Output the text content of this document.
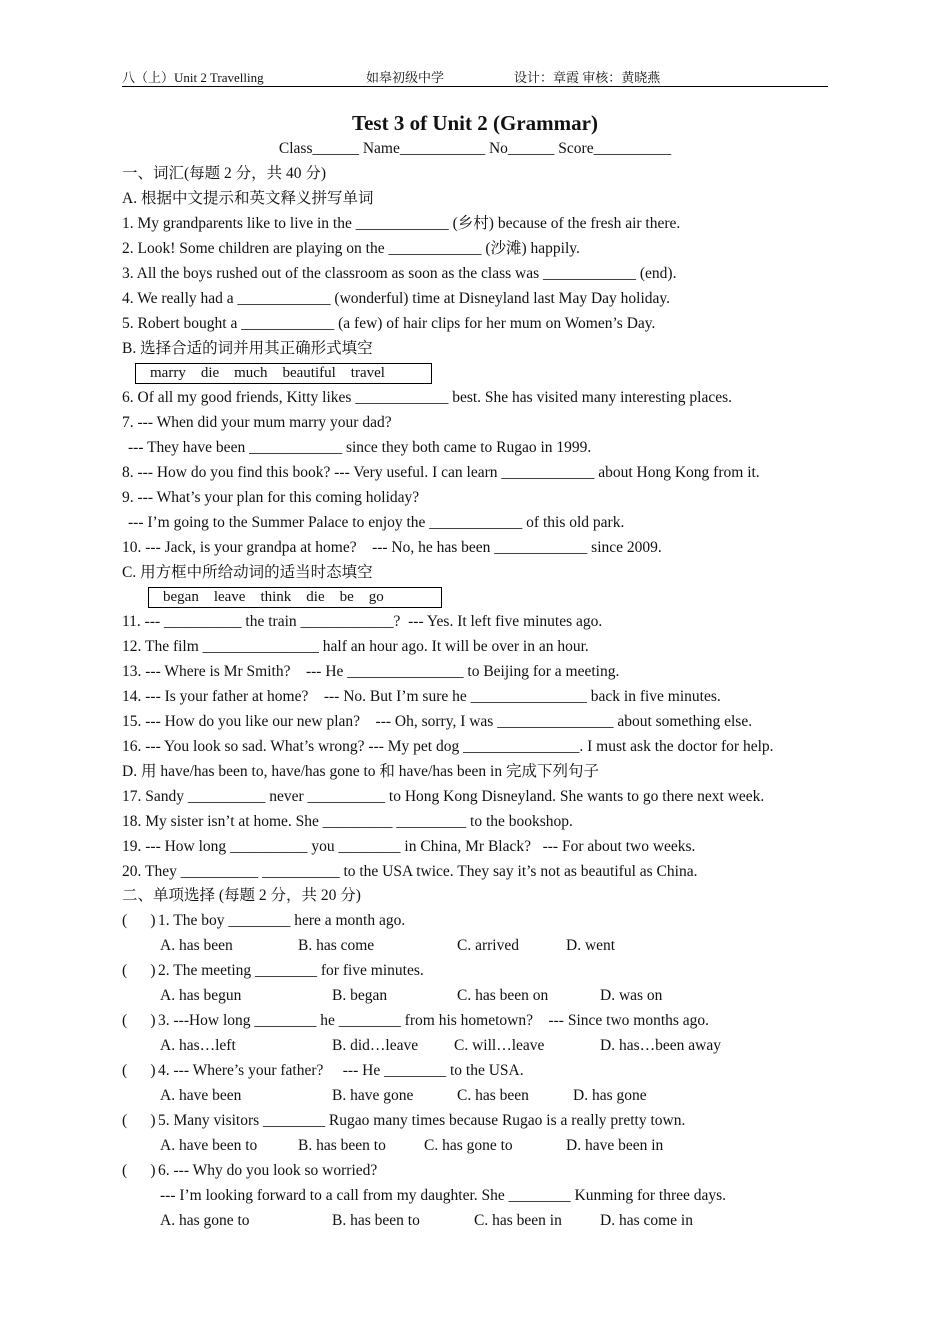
八（上）Unit 2 Travelling	如皋初级中学	设计：章霞 审核：黄晓燕
Test 3 of Unit 2 (Grammar)
Class______ Name___________ No______ Score__________
一、词汇(每题 2 分，共 40 分)
A. 根据中文提示和英文释义拼写单词
1. My grandparents like to live in the ____________ (乡村) because of the fresh air there.
2. Look! Some children are playing on the ____________ (沙滩) happily.
3. All the boys rushed out of the classroom as soon as the class was ____________ (end).
4. We really had a ____________ (wonderful) time at Disneyland last May Day holiday.
5. Robert bought a ____________ (a few) of hair clips for her mum on Women’s Day.
B. 选择合适的词并用其正确形式填空
marry    die    much    beautiful    travel
6. Of all my good friends, Kitty likes ____________ best. She has visited many interesting places.
7. --- When did your mum marry your dad?
--- They have been ____________ since they both came to Rugao in 1999.
8. --- How do you find this book? --- Very useful. I can learn ____________ about Hong Kong from it.
9. --- What’s your plan for this coming holiday?
--- I’m going to the Summer Palace to enjoy the ____________ of this old park.
10. --- Jack, is your grandpa at home?    --- No, he has been ____________ since 2009.
C. 用方框中所给动词的适当时态填空
began    leave    think    die    be    go
11. --- __________ the train ____________?  --- Yes. It left five minutes ago.
12. The film _______________ half an hour ago. It will be over in an hour.
13. --- Where is Mr Smith?    --- He _______________ to Beijing for a meeting.
14. --- Is your father at home?    --- No. But I’m sure he _______________ back in five minutes.
15. --- How do you like our new plan?    --- Oh, sorry, I was _______________ about something else.
16. --- You look so sad. What’s wrong? --- My pet dog _______________. I must ask the doctor for help.
D. 用 have/has been to, have/has gone to 和 have/has been in 完成下列句子
17. Sandy __________ never __________ to Hong Kong Disneyland. She wants to go there next week.
18. My sister isn’t at home. She _________ _________ to the bookshop.
19. --- How long __________ you ________ in China, Mr Black?   --- For about two weeks.
20. They __________ __________ to the USA twice. They say it’s not as beautiful as China.
二、单项选择 (每题 2 分，共 20 分)
(      ) 1. The boy ________ here a month ago.
A. has been	B. has come	C. arrived	D. went
(      ) 2. The meeting ________ for five minutes.
A. has begun	B. began	C. has been on	D. was on
(      ) 3. ---How long ________ he ________ from his hometown?    --- Since two months ago.
A. has…left	B. did…leave C. will…leave	D. has…been away
(      ) 4. --- Where’s your father?     --- He ________ to the USA.
A. have been	B. have gone	C. has been	D. has gone
(      ) 5. Many visitors ________ Rugao many times because Rugao is a really pretty town.
A. have been to	B. has been to C. has gone to	D. have been in
(      ) 6. --- Why do you look so worried?
--- I’m looking forward to a call from my daughter. She ________ Kunming for three days.
A. has gone to	B. has been to	C. has been in D. has come in
